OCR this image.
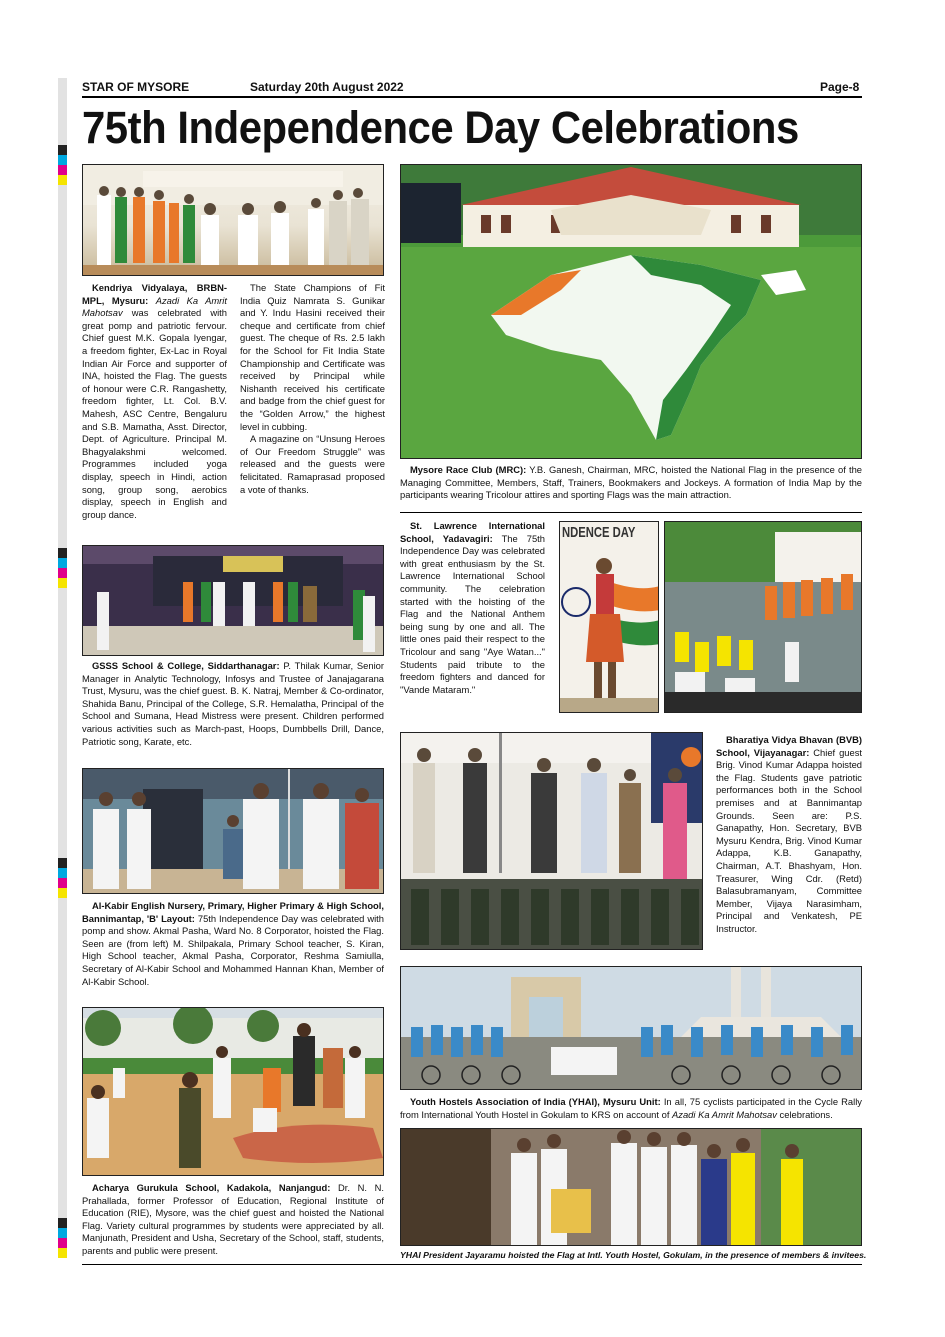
STAR OF MYSORE	Saturday 20th August 2022	Page-8
75th Independence Day Celebrations
Kendriya Vidyalaya, BRBN-MPL, Mysuru: Azadi Ka Amrit Mahotsav was celebrated with great pomp and patriotic fervour. Chief guest M.K. Gopala Iyengar, a freedom fighter, Ex-Lac in Royal Indian Air Force and supporter of INA, hoisted the Flag. The guests of honour were C.R. Rangashetty, freedom fighter, Lt. Col. B.V. Mahesh, ASC Centre, Bengaluru and S.B. Mamatha, Asst. Director, Dept. of Agriculture. Principal M. Bhagyalakshmi welcomed. Programmes included yoga display, speech in Hindi, action song, group song, aerobics display, speech in English and group dance.
The State Champions of Fit India Quiz Namrata S. Gunikar and Y. Indu Hasini received their cheque and certificate from chief guest. The cheque of Rs. 2.5 lakh for the School for Fit India State Championship and Certificate was received by Principal while Nishanth received his certificate and badge from the chief guest for the “Golden Arrow,” the highest level in cubbing.
A magazine on “Unsung Heroes of Our Freedom Struggle” was released and the guests were felicitated. Ramaprasad proposed a vote of thanks.
Mysore Race Club (MRC): Y.B. Ganesh, Chairman, MRC, hoisted the National Flag in the presence of the Managing Committee, Members, Staff, Trainers, Bookmakers and Jockeys. A formation of India Map by the participants wearing Tricolour attires and sporting Flags was the main attraction.
GSSS School & College, Siddarthanagar: P. Thilak Kumar, Senior Manager in Analytic Technology, Infosys and Trustee of Janajagarana Trust, Mysuru, was the chief guest. B. K. Natraj, Member & Co-ordinator, Shahida Banu, Principal of the College, S.R. Hemalatha, Principal of the School and Sumana, Head Mistress were present. Children performed various activities such as March-past, Hoops, Dumbbells Drill, Dance, Patriotic song, Karate, etc.
St. Lawrence International School, Yadavagiri: The 75th Independence Day was celebrated with great enthusiasm by the St. Lawrence International School community. The celebration started with the hoisting of the Flag and the National Anthem being sung by one and all. The little ones paid their respect to the Tricolour and sang "Aye Watan..." Students paid tribute to the freedom fighters and danced for "Vande Mataram."
NDENCE DAY
Bharatiya Vidya Bhavan (BVB) School, Vijayanagar: Chief guest Brig. Vinod Kumar Adappa hoisted the Flag. Students gave patriotic performances both in the School premises and at Bannimantap Grounds. Seen are: P.S. Ganapathy, Hon. Secretary, BVB Mysuru Kendra, Brig. Vinod Kumar Adappa, K.B. Ganapathy, Chairman, A.T. Bhashyam, Hon. Treasurer, Wing Cdr. (Retd) Balasubramanyam, Committee Member, Vijaya Narasimham, Principal and Venkatesh, PE Instructor.
Al-Kabir English Nursery, Primary, Higher Primary & High School, Bannimantap, 'B' Layout: 75th Independence Day was celebrated with pomp and show. Akmal Pasha, Ward No. 8 Corporator, hoisted the Flag. Seen are (from left) M. Shilpakala, Primary School teacher, S. Kiran, High School teacher, Akmal Pasha, Corporator, Reshma Samiulla, Secretary of Al-Kabir School and Mohammed Hannan Khan, Member of Al-Kabir School.
Youth Hostels Association of India (YHAI), Mysuru Unit: In all, 75 cyclists participated in the Cycle Rally from International Youth Hostel in Gokulam to KRS on account of Azadi Ka Amrit Mahotsav celebrations.
YHAI President Jayaramu hoisted the Flag at Intl. Youth Hostel, Gokulam, in the presence of members & invitees.
Acharya Gurukula School, Kadakola, Nanjangud: Dr. N. N. Prahallada, former Professor of Education, Regional Institute of Education (RIE), Mysore, was the chief guest and hoisted the National Flag. Variety cultural programmes by students were appreciated by all. Manjunath, President and Usha, Secretary of the School, staff, students, parents and public were present.
